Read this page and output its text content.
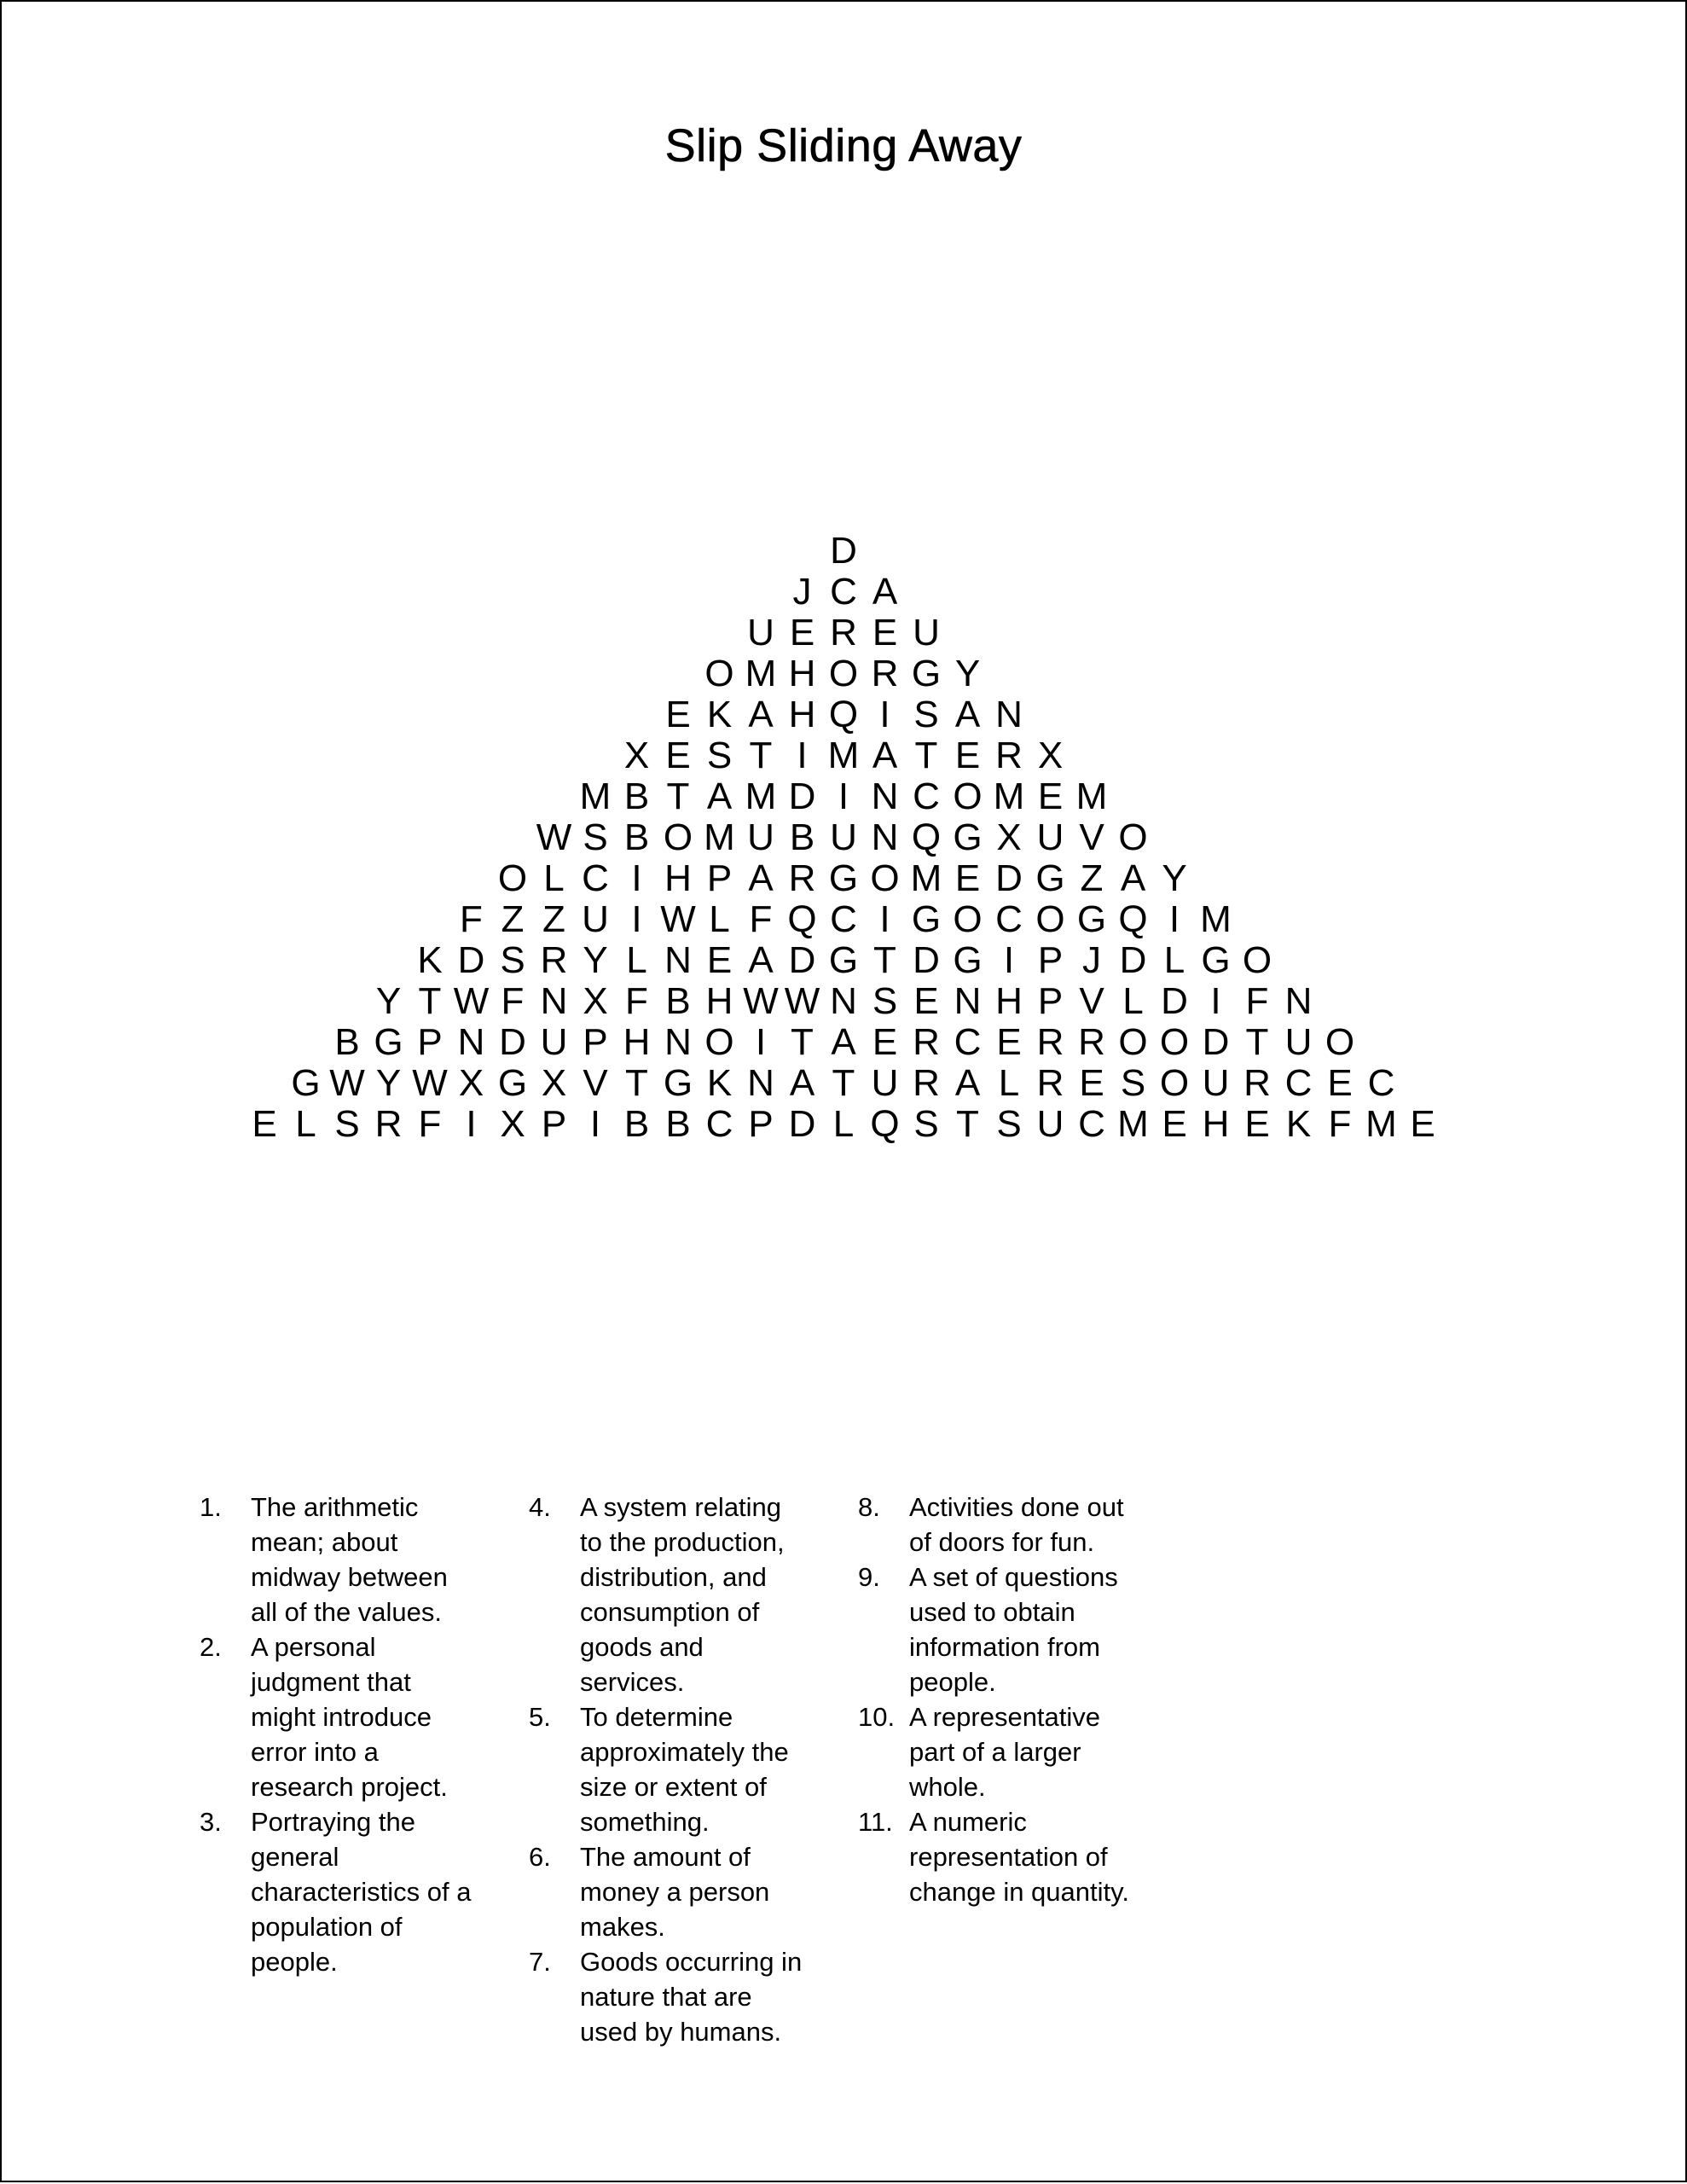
Slip Sliding Away
D
J C A
U E R E U
O M H O R G Y
E K A H Q I S A N
X E S T I M A T E R X
M B T A M D I N C O M E M
W S B O M U B U N Q G X U V O
O L C I H P A R G O M E D G Z A Y
F Z Z U I W L F Q C I G O C O G Q I M
K D S R Y L N E A D G T D G I P J D L G O
Y T W F N X F B H W W N S E N H P V L D I F N
B G P N D U P H N O I T A E R C E R R O O D T U O
G W Y W X G X V T G K N A T U R A L R E S O U R C E C
E L S R F I X P I B B C P D L Q S T S U C M E H E K F M E
1.	The arithmetic mean; about midway between all of the values.
2.	A personal judgment that might introduce error into a research project.
3.	Portraying the general characteristics of a population of people.
4.	A system relating to the production, distribution, and consumption of goods and services.
5.	To determine approximately the size or extent of something.
6.	The amount of money a person makes.
7.	Goods occurring in nature that are used by humans.
8.	Activities done out of doors for fun.
9.	A set of questions used to obtain information from people.
10. A representative part of a larger whole.
11. A numeric representation of change in quantity.
